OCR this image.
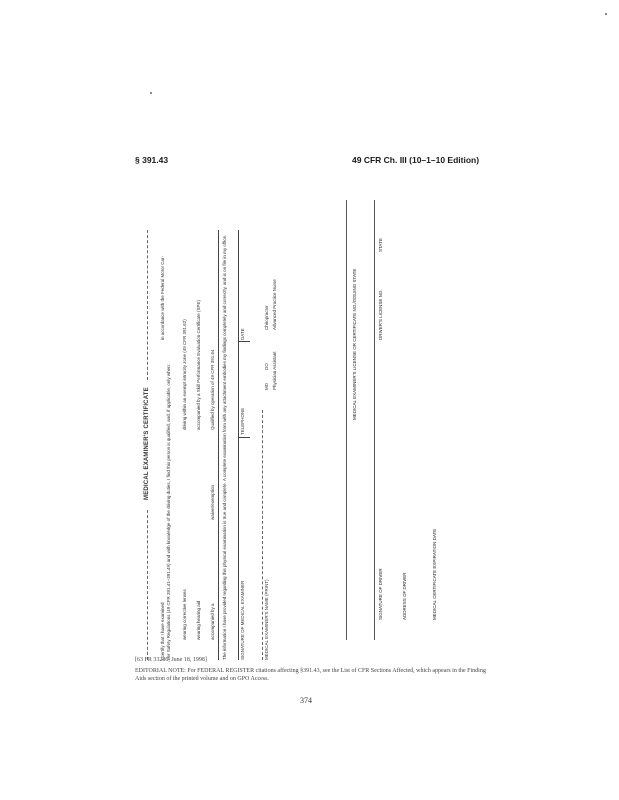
§ 391.43	49 CFR Ch. III (10–1–10 Edition)
MEDICAL EXAMINER'S CERTIFICATE
I certify that I have examined
in accordance with the Federal Motor Car-
rier Safety Regulations (49 CFR 391.41–391.49) and with knowledge of the driving duties, I find this person is qualified, and, if applicable, only when: wearing corrective lenses wearing hearing aid accompanied by a
waiver/exemption
driving within an exempt intracity zone (49 CFR 391.62) accompanied by a Skill Performance Evaluation Certificate (SPE) Qualified by operation of 49 CFR 391.64 The information I have provided regarding this physical examination is true and complete. A complete examination form with any attachment embodies my findings completely and correctly, and is on file in my office.	SIGNATURE OF MEDICAL EXAMINER
TELEPHONE
DATE
MEDICAL EXAMINER'S NAME (PRINT)
MD
DO Physician Assistant
Chiropractor Advanced Practice Nurse	MEDICAL EXAMINER'S LICENSE OR CERTIFICATE NO./ISSUING STATE
SIGNATURE OF DRIVER
DRIVER'S LICENSE NO.
STATE
ADDRESS OF DRIVER	MEDICAL CERTIFICATE EXPIRATION DATE
[63 FR 33280, June 18, 1998]
EDITORIAL NOTE: For FEDERAL REGISTER citations affecting §391.43, see the List of CFR Sections Affected, which appears in the Finding Aids section of the printed volume and on GPO Access.
374
